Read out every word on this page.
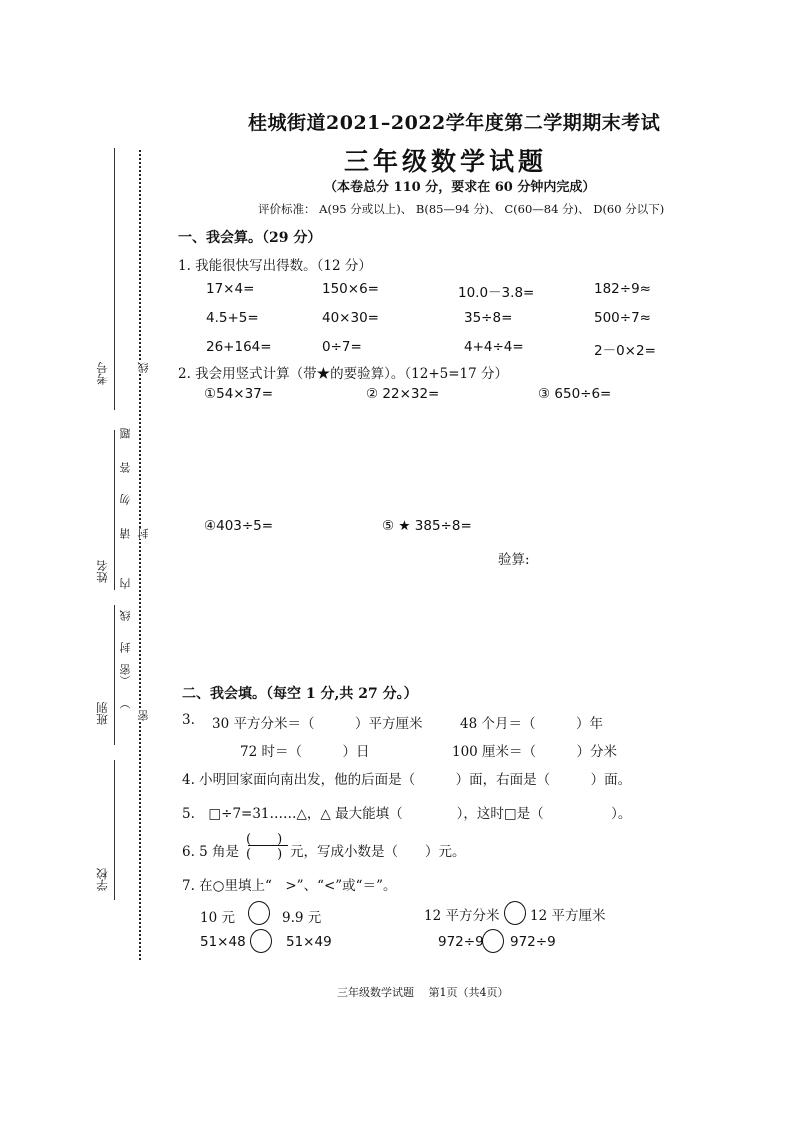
桂城街道2021–2022学年度第二学期期末考试
三年级数学试题
（本卷总分 110 分，要求在 60 分钟内完成）
评价标准： A(95 分或以上)、 B(85—94 分)、 C(60—84 分)、 D(60 分以下)
考号
姓名
班别
学校
线
封
密
题
答
勿
请
内
线
封
（密
）
一、我会算。（29 分）
1. 我能很快写出得数。（12 分）
17×4=	150×6=	10.0－3.8=	182÷9≈
4.5+5=	40×30=	35÷8=	500÷7≈
26+164=	0÷7=	4+4÷4=	2－0×2=
2. 我会用竖式计算（带★的要验算）。（12+5=17 分）
①54×37=	② 22×32=	③ 650÷6=
④403÷5=	⑤ ★ 385÷8=
验算:
二、我会填。（每空 1 分,共 27 分。）
3. 30 平方分米＝（　　　）平方厘米	48 个月＝（　　　）年
72 时＝（　　　）日	100 厘米＝（　　　）分米
4. 小明回家面向南出发，他的后面是（　　　）面，右面是（　　　）面。
5.　□÷7=31……△，△ 最大能填（　　　　），这时□是（　　　　　）。
6. 5 角是
(　　)
(　　) 元，写成小数是（　　）元。
7. 在○里填上“　>”、“<”或“＝”。
10 元	9.9 元	12 平方分米 12 平方厘米
51×48	51×49	972÷9 972÷9
三年级数学试题　 第1页（共4页）
